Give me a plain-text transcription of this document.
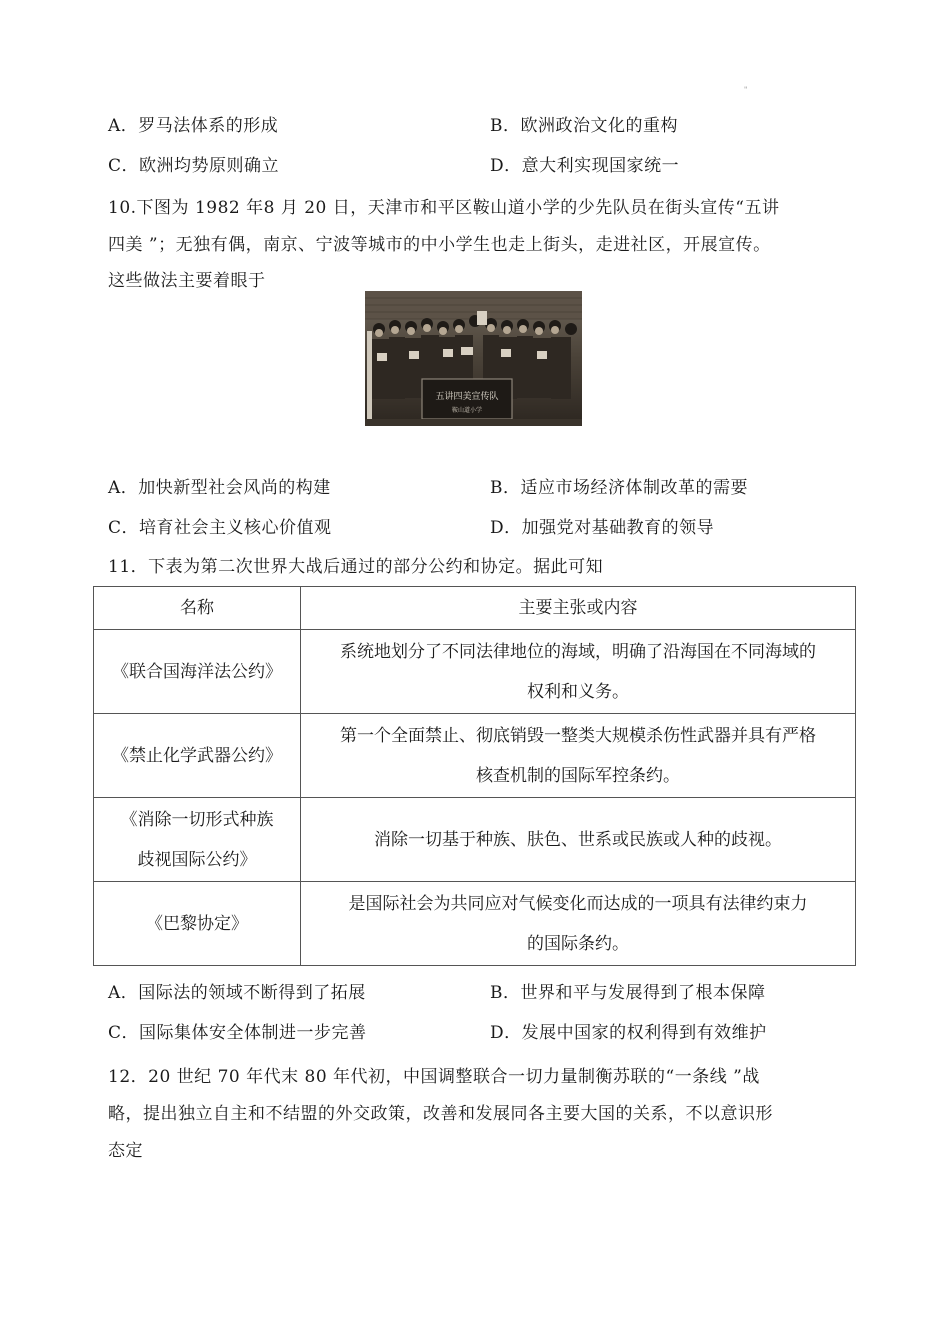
"
A．罗马法体系的形成	B．欧洲政治文化的重构
C．欧洲均势原则确立	D．意大利实现国家统一
10.下图为 1982 年8 月 20 日，天津市和平区鞍山道小学的少先队员在街头宣传“五讲
四美 ”；无独有偶，南京、宁波等城市的中小学生也走上街头，走进社区，开展宣传。
这些做法主要着眼于
五讲四美宣传队
鞍山道小学
A．加快新型社会风尚的构建	B．适应市场经济体制改革的需要
C．培育社会主义核心价值观	D．加强党对基础教育的领导
11．下表为第二次世界大战后通过的部分公约和协定。据此可知
名称	主要主张或内容
《联合国海洋法公约》	系统地划分了不同法律地位的海域，明确了沿海国在不同海域的
权利和义务。

《禁止化学武器公约》	第一个全面禁止、彻底销毁一整类大规模杀伤性武器并具有严格
核查机制的国际军控条约。

《消除一切形式种族
歧视国际公约》	消除一切基于种族、肤色、世系或民族或人种的歧视。

《巴黎协定》	是国际社会为共同应对气候变化而达成的一项具有法律约束力
的国际条约。
A．国际法的领域不断得到了拓展	B．世界和平与发展得到了根本保障
C．国际集体安全体制进一步完善	D．发展中国家的权利得到有效维护
12．20 世纪 70 年代末 80 年代初，中国调整联合一切力量制衡苏联的“一条线 ”战
略，提出独立自主和不结盟的外交政策，改善和发展同各主要大国的关系，不以意识形
态定
